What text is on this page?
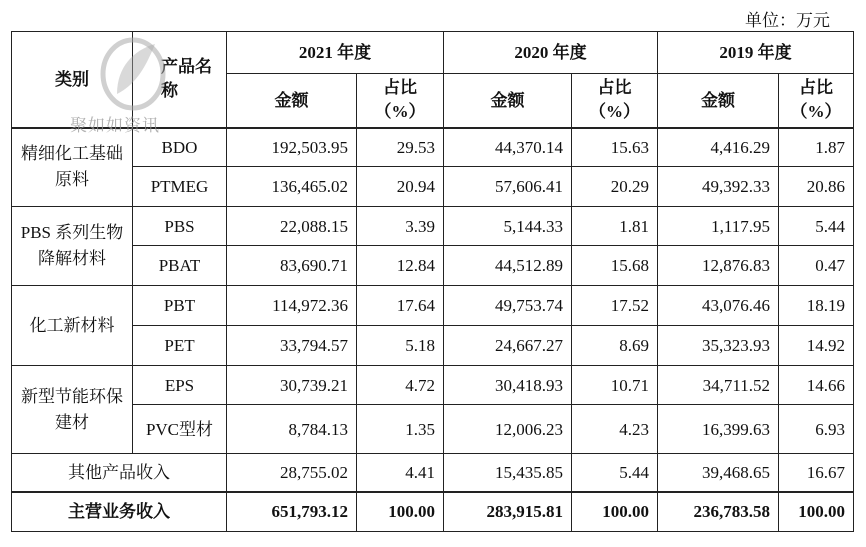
单位：万元
类别	产品名称	2021 年度		2020 年度		2019 年度	
		金额	占比（%）	金额	占比（%）	金额	占比（%）
精细化工基础原料	BDO	192,503.95	29.53	44,370.14	15.63	4,416.29	1.87
	PTMEG	136,465.02	20.94	57,606.41	20.29	49,392.33	20.86
PBS 系列生物降解材料	PBS	22,088.15	3.39	5,144.33	1.81	1,117.95	5.44
	PBAT	83,690.71	12.84	44,512.89	15.68	12,876.83	0.47
化工新材料	PBT	114,972.36	17.64	49,753.74	17.52	43,076.46	18.19
	PET	33,794.57	5.18	24,667.27	8.69	35,323.93	14.92
新型节能环保建材	EPS	30,739.21	4.72	30,418.93	10.71	34,711.52	14.66
	PVC型材	8,784.13	1.35	12,006.23	4.23	16,399.63	6.93
其他产品收入		28,755.02	4.41	15,435.85	5.44	39,468.65	16.67
主营业务收入		651,793.12	100.00	283,915.81	100.00	236,783.58	100.00
聚如如资讯
